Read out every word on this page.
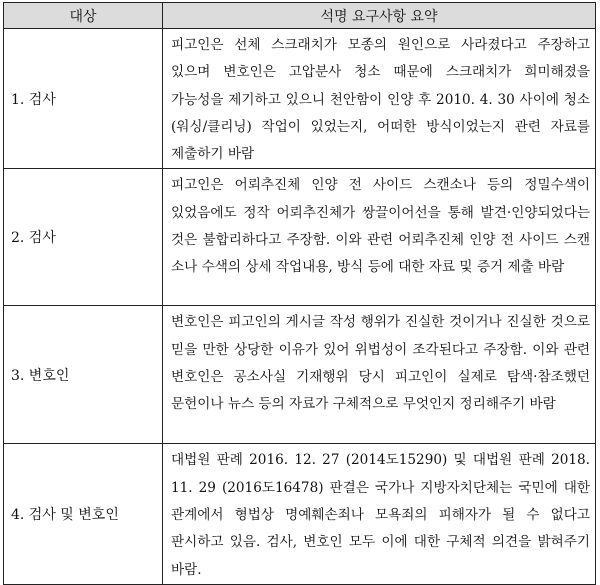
대상	석명 요구사항 요약
1. 검사	피고인은 선체 스크래치가 모종의 원인으로 사라졌다고 주장하고 있으며 변호인은 고압분사 청소 때문에 스크래치가 희미해졌을 가능성을 제기하고 있으니 천안함이 인양 후 2010. 4. 30 사이에 청소(워싱/클리닝) 작업이 있었는지, 어떠한 방식이었는지 관련 자료를 제출하기 바람
2. 검사	피고인은 어뢰추진체 인양 전 사이드 스캔소나 등의 정밀수색이 있었음에도 정작 어뢰추진체가 쌍끌이어선을 통해 발견·인양되었다는 것은 불합리하다고 주장함. 이와 관련 어뢰추진체 인양 전 사이드 스캔 소나 수색의 상세 작업내용, 방식 등에 대한 자료 및 증거 제출 바람
3. 변호인	변호인은 피고인의 게시글 작성 행위가 진실한 것이거나 진실한 것으로 믿을 만한 상당한 이유가 있어 위법성이 조각된다고 주장함. 이와 관련 변호인은 공소사실 기재행위 당시 피고인이 실제로 탐색·참조했던 문헌이나 뉴스 등의 자료가 구체적으로 무엇인지 정리해주기 바람
4. 검사 및 변호인	대법원 판례 2016. 12. 27 (2014도15290) 및 대법원 판례 2018. 11. 29 (2016도16478) 판결은 국가나 지방자치단체는 국민에 대한 관계에서 형법상 명예훼손죄나 모욕죄의 피해자가 될 수 없다고 판시하고 있음. 검사, 변호인 모두 이에 대한 구체적 의견을 밝혀주기 바람.
